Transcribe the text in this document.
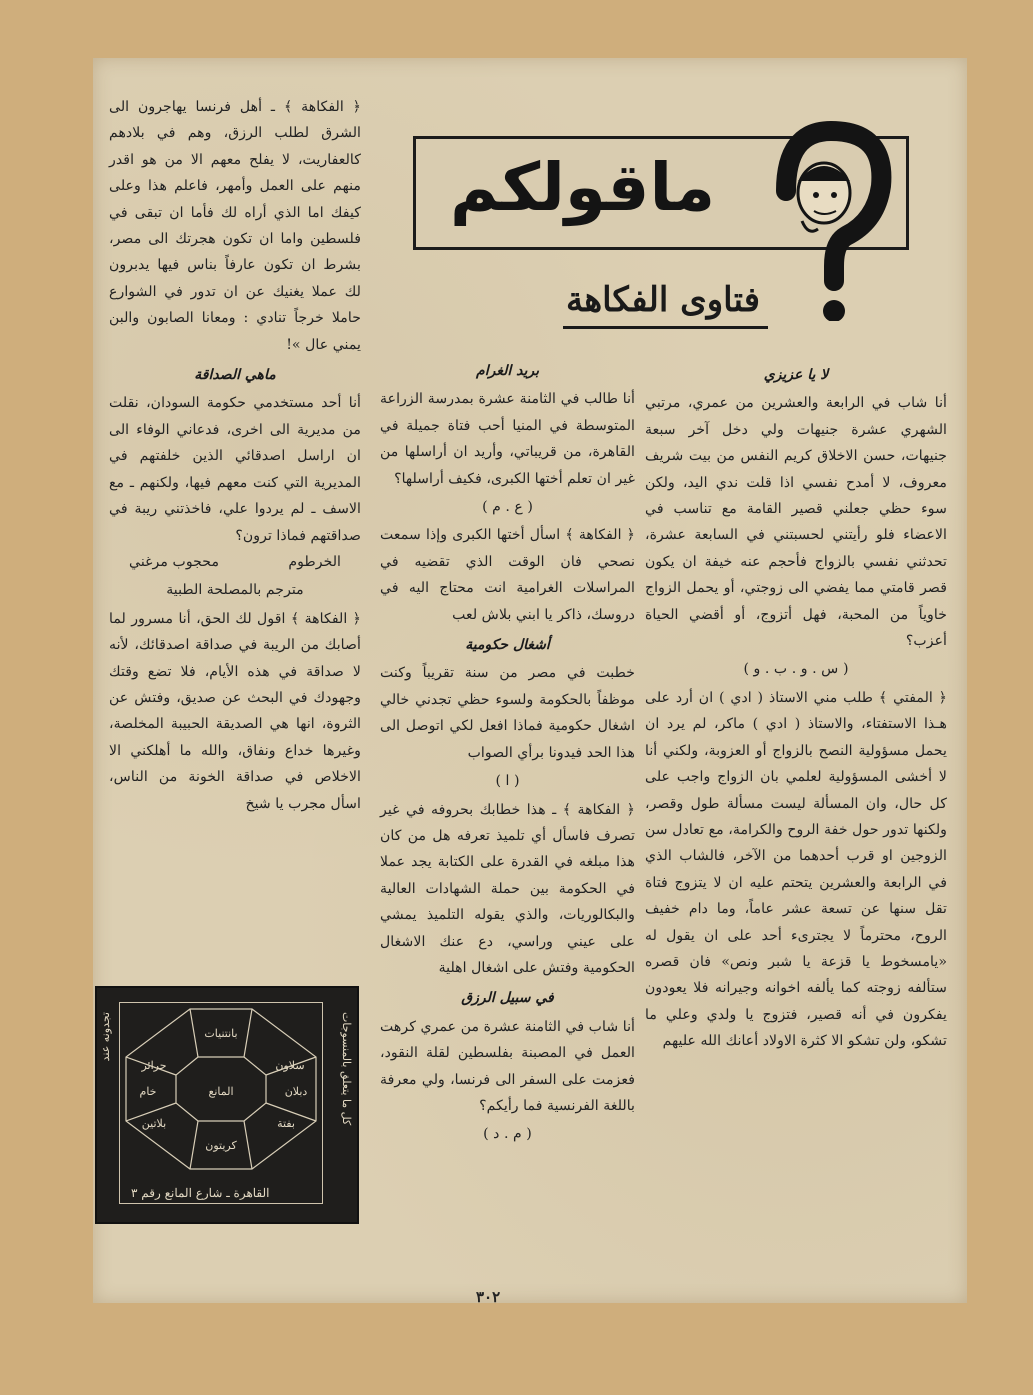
ماقولكم
فتاوى الفكاهة
لا يا عزيزي

أنا شاب في الرابعة والعشرين من عمري، مرتبي الشهري عشرة جنيهات ولي دخل آخر سبعة جنيهات، حسن الاخلاق كريم النفس من بيت شريف معروف، لا أمدح نفسي اذا قلت ندي اليد، ولكن سوء حظي جعلني قصير القامة مع تناسب في الاعضاء فلو رأيتني لحسبتني في السابعة عشرة، تحدثني نفسي بالزواج فأحجم عنه خيفة ان يكون قصر قامتي مما يفضي الى زوجتي، أو يحمل الزواج خاوياً من المحبة، فهل أتزوج، أو أقضي الحياة أعزب؟

( س . و . ب . و )

﴿ المفتي ﴾ طلب مني الاستاذ ( ادي ) ان أرد على هـذا الاستفتاء، والاستاذ ( ادي ) ماكر، لم يرد ان يحمل مسؤولية النصح بالزواج أو العزوبة، ولكني أنا لا أخشى المسؤولية لعلمي بان الزواج واجب على كل حال، وان المسألة ليست مسألة طول وقصر، ولكنها تدور حول خفة الروح والكرامة، مع تعادل سن الزوجين او قرب أحدهما من الآخر، فالشاب الذي في الرابعة والعشرين يتحتم عليه ان لا يتزوج فتاة تقل سنها عن تسعة عشر عاماً، وما دام خفيف الروح، محترماً لا يجترىء أحد على ان يقول له «يامسخوط يا قزعة يا شبر ونص» فان قصره ستألفه زوجته كما يألفه اخوانه وجيرانه فلا يعودون يفكرون في أنه قصير، فتزوج يا ولدي وعلي ما تشكو، ولن تشكو الا كثرة الاولاد أعانك الله عليهم

بريد الغرام

أنا طالب في الثامنة عشرة بمدرسة الزراعة المتوسطة في المنيا أحب فتاة جميلة في القاهرة، من قريباتي، وأريد ان أراسلها من غير ان تعلم أختها الكبرى، فكيف أراسلها؟

( ع . م )

﴿ الفكاهة ﴾ اسأل أختها الكبرى وإذا سمعت نصحي فان الوقت الذي تقضيه في المراسلات الغرامية انت محتاج اليه في دروسك، ذاكر يا ابني بلاش لعب

أشغال حكومية

خطبت في مصر من سنة تقريباً وكنت موظفاً بالحكومة ولسوء حظي تجدني خالي اشغال حكومية فماذا افعل لكي اتوصل الى هذا الحد فيدونا برأي الصواب

( ا )

﴿ الفكاهة ﴾ ـ هذا خطابك بحروفه في غير تصرف فاسأل أي تلميذ تعرفه هل من كان هذا مبلغه في القدرة على الكتابة يجد عملا في الحكومة بين حملة الشهادات العالية والبكالوريات، والذي يقوله التلميذ يمشي على عيني وراسي، دع عنك الاشغال الحكومية وفتش على اشغال اهلية

في سبيل الرزق

أنا شاب في الثامنة عشرة من عمري كرهت العمل في المصبنة بفلسطين لقلة النقود، فعزمت على السفر الى فرنسا، ولي معرفة باللغة الفرنسية فما رأيكم؟

( م . د )

﴿ الفكاهة ﴾ ـ أهل فرنسا يهاجرون الى الشرق لطلب الرزق، وهم في بلادهم كالعفاريت، لا يفلح معهم الا من هو اقدر منهم على العمل وأمهر، فاعلم هذا وعلى كيفك اما الذي أراه لك فأما ان تبقى في فلسطين واما ان تكون هجرتك الى مصر، بشرط ان تكون عارفاً بناس فيها يدبرون لك عملا يغنيك عن ان تدور في الشوارع حاملا خرجاً تنادي : ومعانا الصابون والبن يمني عال »!

ماهي الصداقة

أنا أحد مستخدمي حكومة السودان، نقلت من مديرية الى اخرى، فدعاني الوفاء الى ان اراسل اصدقائي الذين خلفتهم في المديرية التي كنت معهم فيها، ولكنهم ـ مع الاسف ـ لم يردوا علي، فاخذتني ريبة في صداقتهم فماذا ترون؟

الخرطوم
محجوب مرغني
مترجم بالمصلحة الطبية

﴿ الفكاهة ﴾ اقول لك الحق، أنا مسرور لما أصابك من الريبة في صداقة اصدقائك، لأنه لا صداقة في هذه الأيام، فلا تضع وقتك وجهودك في البحث عن صديق، وفتش عن الثروة، انها هي الصديقة الحبيبة المخلصة، وغيرها خداع ونفاق، والله ما أهلكني الا الاخلاص في صداقة الخونة من الناس، اسأل مجرب يا شيخ

كل ما يتعلق بالمنسوجات
تجدونه عند
المانع
بانتنيات
سلاون
دبلان
بفتة
كريتون
بلاتين
خام
حرائر
القاهرة ـ شارع المانع رقم ٣
٣٠٢
